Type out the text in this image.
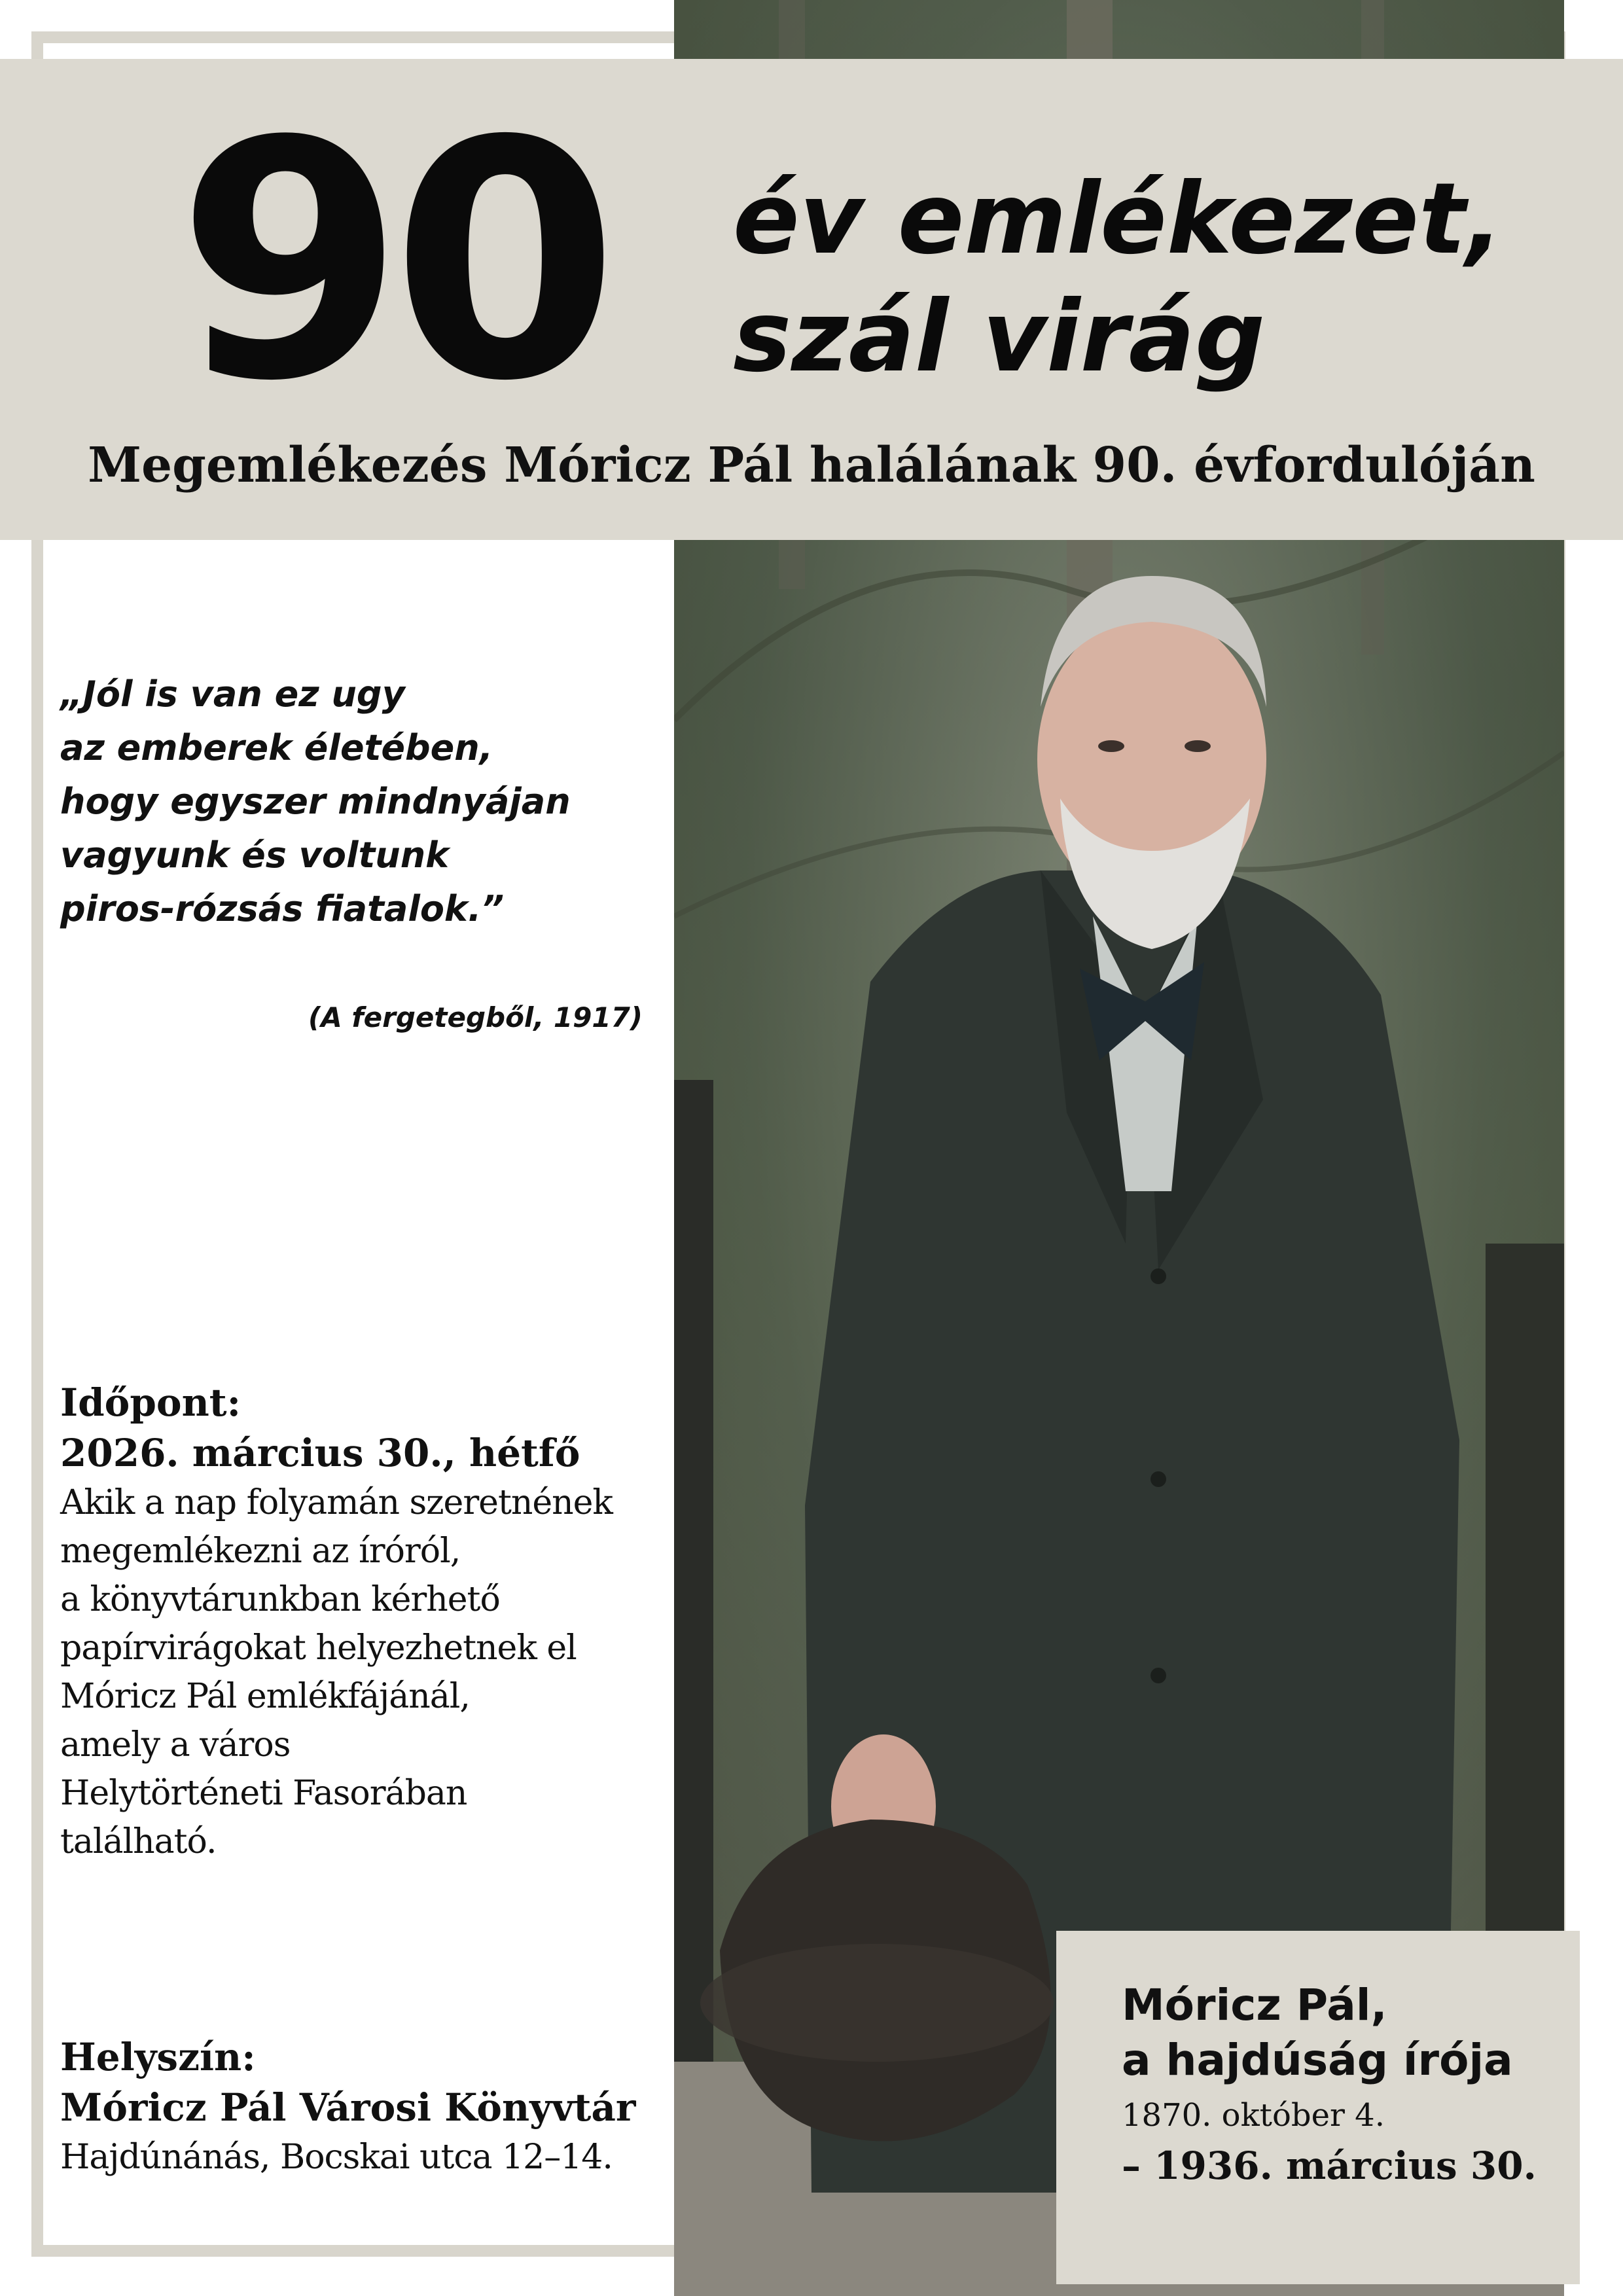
90 év emlékezet,
szál virág
Megemlékezés Móricz Pál halálának 90. évfordulóján
„Jól is van ez ugy
az emberek életében,
hogy egyszer mindnyájan
vagyunk és voltunk
piros-rózsás fiatalok.”
(A fergetegből, 1917)
Időpont:
2026. március 30., hétfő
Akik a nap folyamán szeretnének
megemlékezni az íróról,
a könyvtárunkban kérhető
papírvirágokat helyezhetnek el
Móricz Pál emlékfájánál,
amely a város
Helytörténeti Fasorában
található.
Helyszín:
Móricz Pál Városi Könyvtár
Hajdúnánás, Bocskai utca 12–14.
Móricz Pál,
a hajdúság írója
1870. október 4.
– 1936. március 30.
